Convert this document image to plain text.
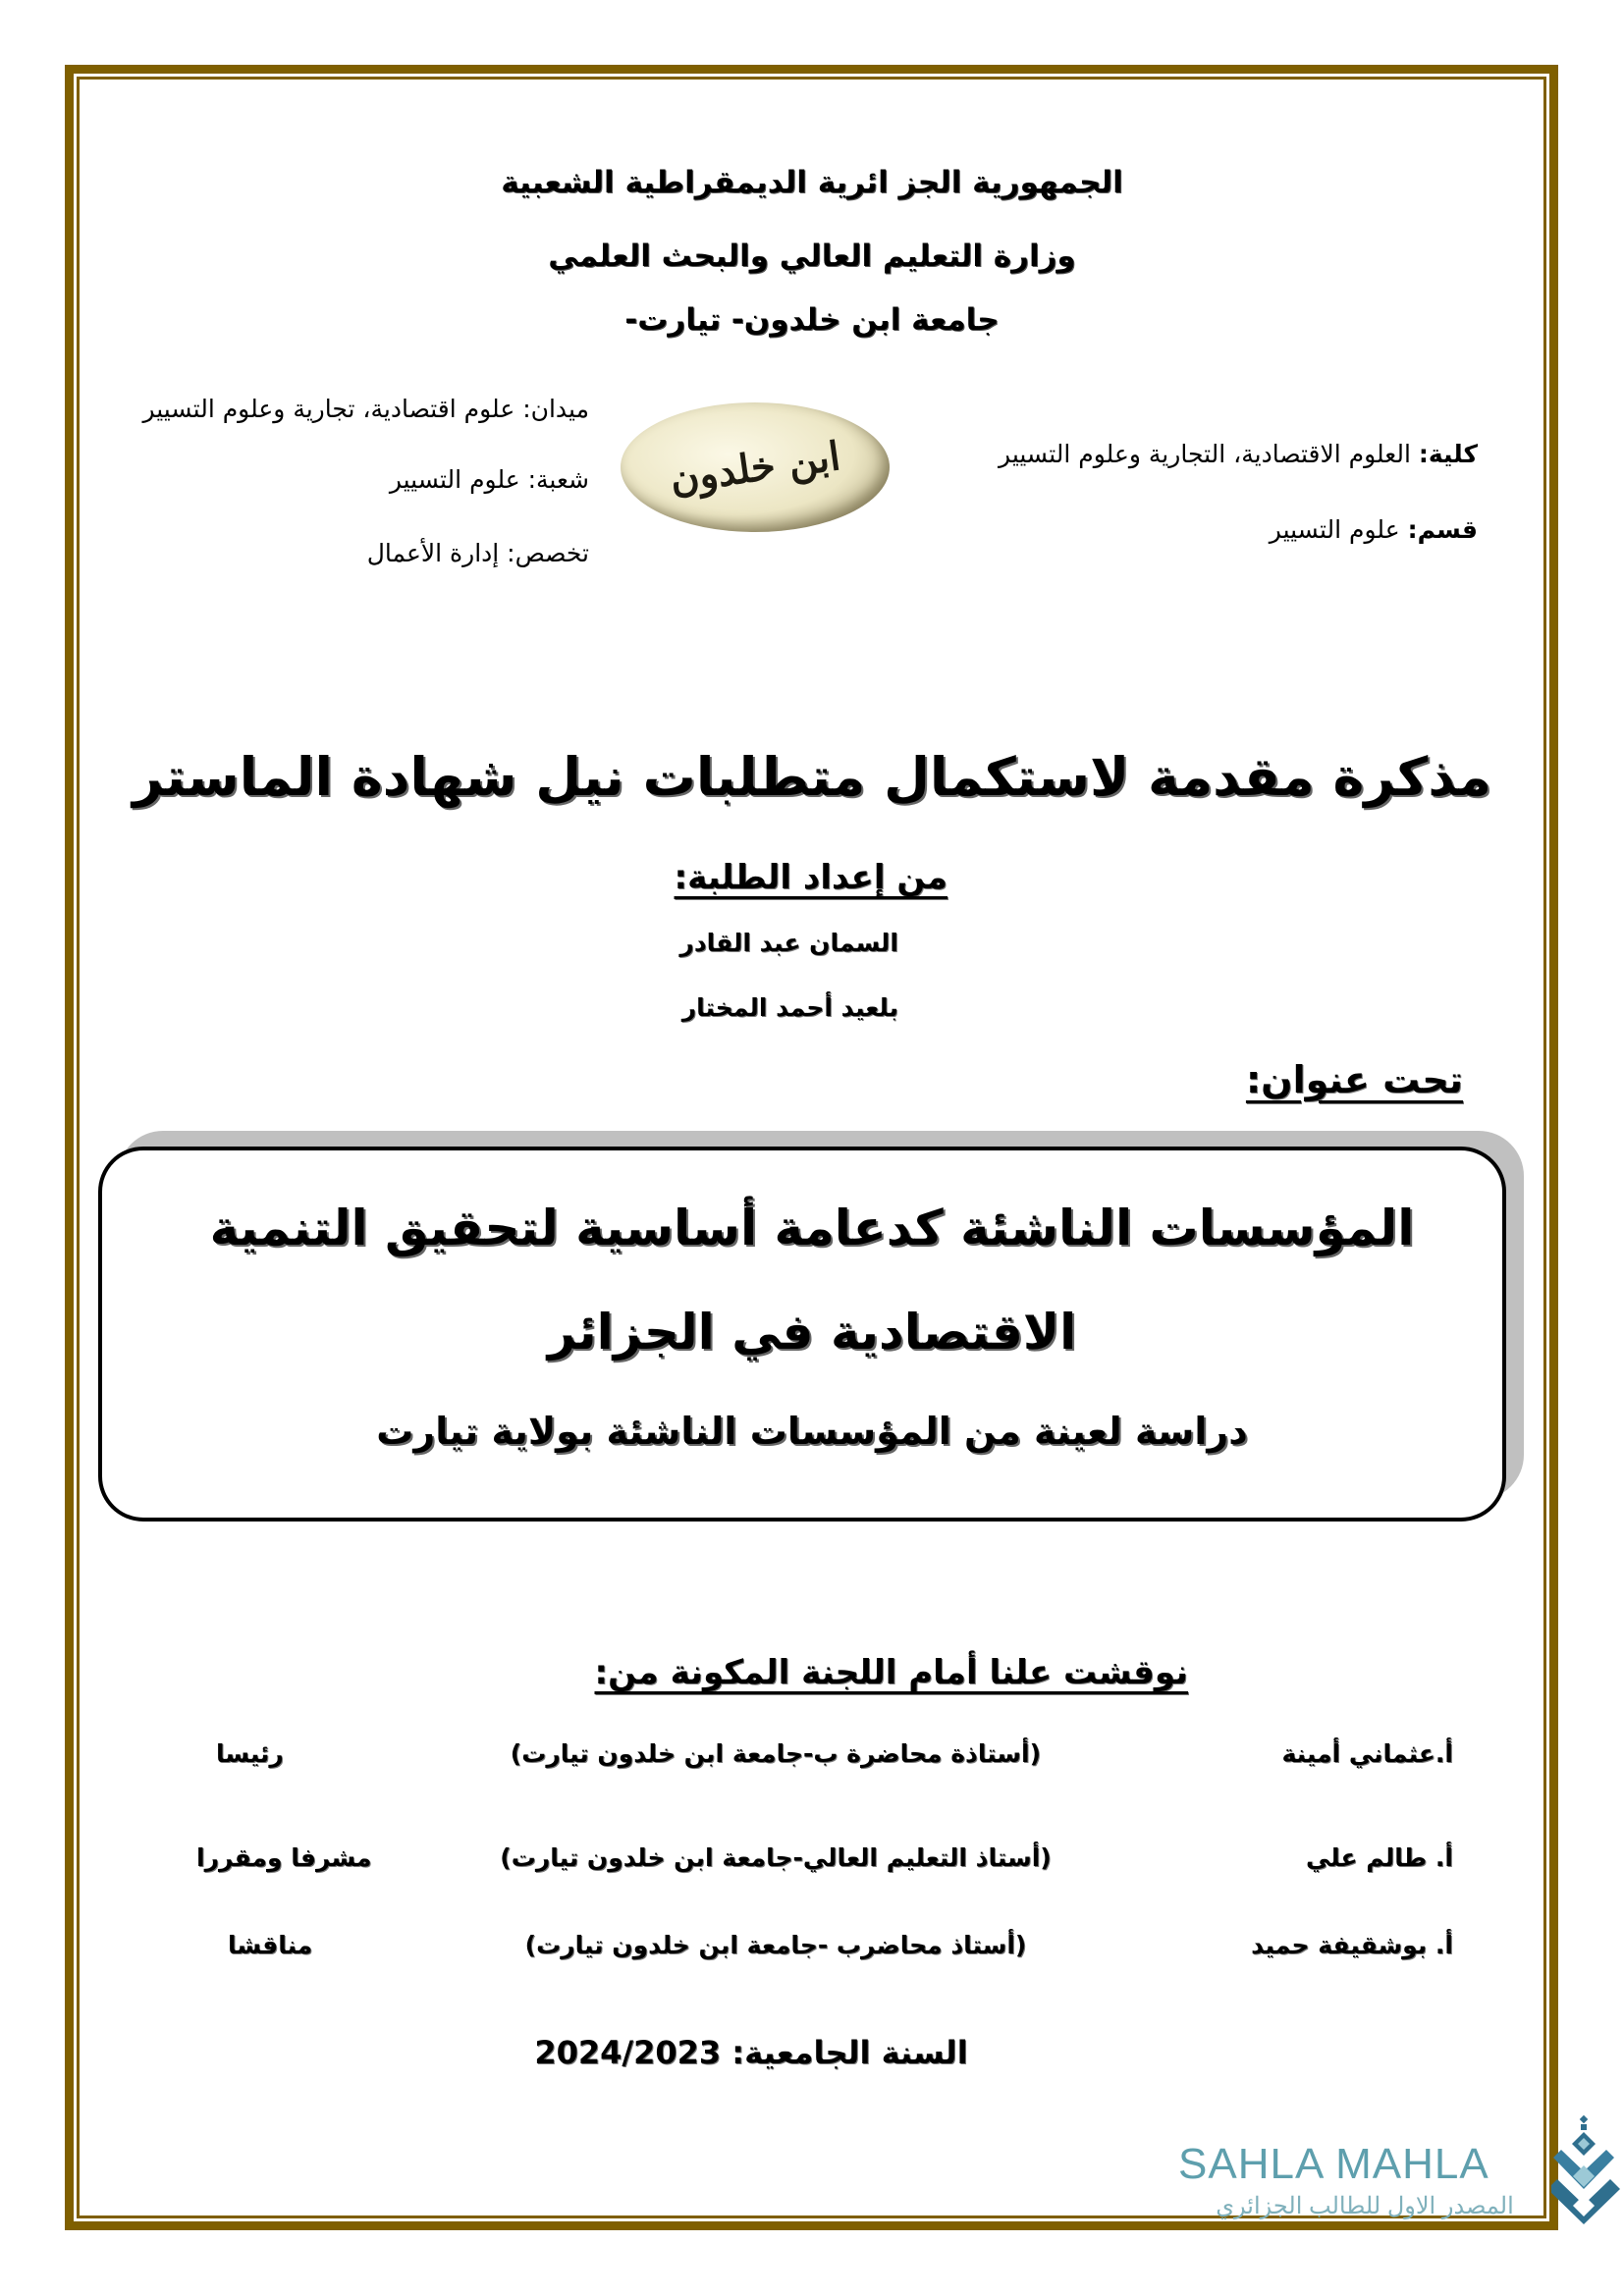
الجمهورية الجز ائرية الديمقراطية الشعبية
وزارة التعليم العالي والبحث العلمي
جامعة ابن خلدون- تيارت-
ميدان: علوم اقتصادية، تجارية وعلوم التسيير
شعبة: علوم التسيير
تخصص: إدارة الأعمال
ابن خلدون	كلية: العلوم الاقتصادية، التجارية وعلوم التسيير
قسم: علوم التسيير
مذكرة مقدمة لاستكمال متطلبات نيل شهادة الماستر
من إعداد الطلبة:
السمان عبد القادر
بلعيد أحمد المختار
تحت عنوان:
المؤسسات الناشئة كدعامة أساسية لتحقيق التنمية
الاقتصادية في الجزائر
دراسة لعينة من المؤسسات الناشئة بولاية تيارت
نوقشت علنا أمام اللجنة المكونة من:
أ.عثماني أمينة
(أستاذة محاضرة ب-جامعة ابن خلدون تيارت)
رئيسا
أ. طالم علي
(أستاذ التعليم العالي-جامعة ابن خلدون تيارت)
مشرفا ومقررا
أ. بوشقيفة حميد
(أستاذ محاضرب -جامعة ابن خلدون تيارت)
مناقشا
السنة الجامعية: 2024/2023
SAHLA MAHLA
المصدر الاول للطالب الجزائري
